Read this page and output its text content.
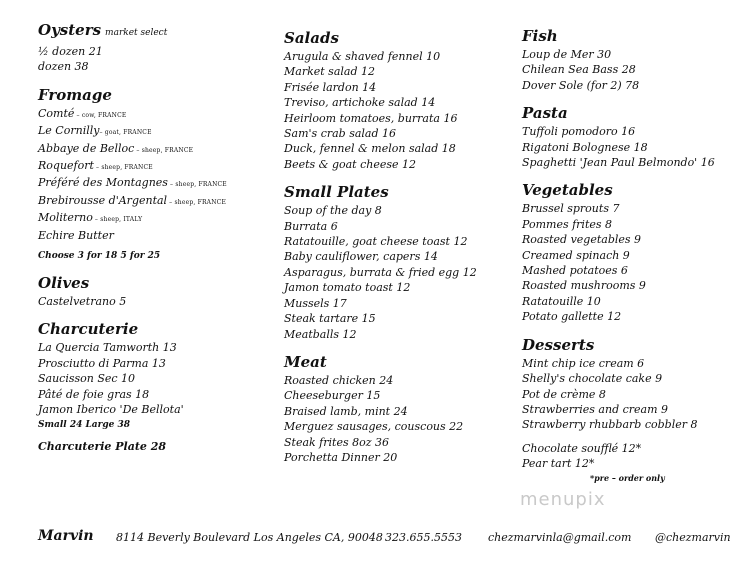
Oysters market select
½ dozen 21
dozen 38
Fromage
Comté – cow, FRANCE
Le Cornilly– goat, FRANCE
Abbaye de Belloc – sheep, FRANCE
Roquefort – sheep, FRANCE
Préféré des Montagnes – sheep, FRANCE
Brebirousse d'Argental – sheep, FRANCE
Moliterno – sheep, ITALY
Echire Butter
Choose 3 for 18 5 for 25
Olives
Castelvetrano 5
Charcuterie
La Quercia Tamworth 13
Prosciutto di Parma 13
Saucisson Sec 10
Pâté de foie gras 18
Jamon Iberico 'De Bellota'
Small 24 Large 38
Charcuterie Plate 28
Salads
Arugula & shaved fennel 10
Market salad 12
Frisée lardon 14
Treviso, artichoke salad 14
Heirloom tomatoes, burrata 16
Sam's crab salad 16
Duck, fennel & melon salad 18
Beets & goat cheese 12
Small Plates
Soup of the day 8
Burrata 6
Ratatouille, goat cheese toast 12
Baby cauliflower, capers 14
Asparagus, burrata & fried egg 12
Jamon tomato toast 12
Mussels 17
Steak tartare 15
Meatballs 12
Meat
Roasted chicken 24
Cheeseburger 15
Braised lamb, mint 24
Merguez sausages, couscous 22
Steak frites 8oz 36
Porchetta Dinner 20
Fish
Loup de Mer 30
Chilean Sea Bass 28
Dover Sole (for 2) 78
Pasta
Tuffoli pomodoro 16
Rigatoni Bolognese 18
Spaghetti 'Jean Paul Belmondo' 16
Vegetables
Brussel sprouts 7
Pommes frites 8
Roasted vegetables 9
Creamed spinach 9
Mashed potatoes 6
Roasted mushrooms 9
Ratatouille 10
Potato gallette 12
Desserts
Mint chip ice cream 6
Shelly's chocolate cake 9
Pot de crème 8
Strawberries and cream 9
Strawberry rhubbarb cobbler 8
Chocolate soufflé 12*
Pear tart 12*
*pre – order only
menupix
Marvin 8114 Beverly Boulevard Los Angeles CA, 90048 323.655.5553 chezmarvinla@gmail.com @chezmarvin
